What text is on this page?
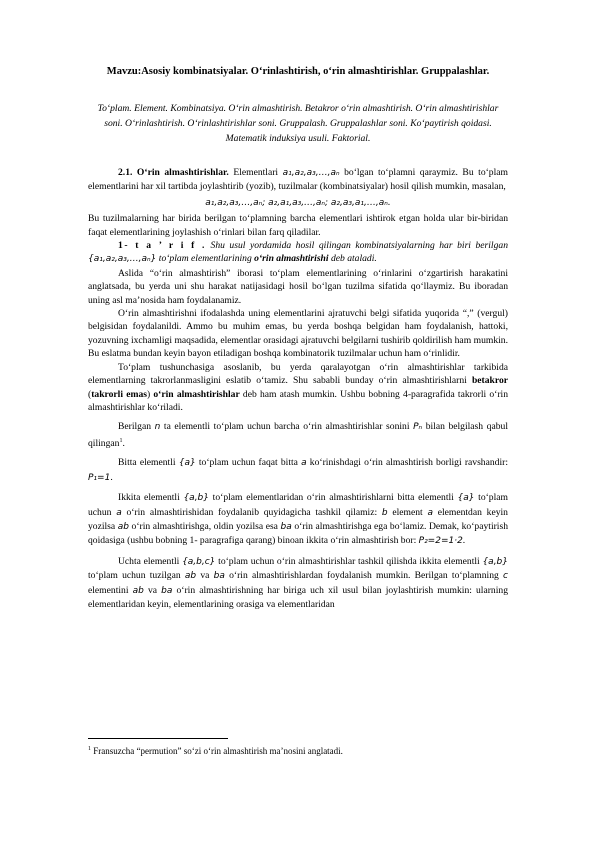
Mavzu:Asosiy kombinatsiyalar. O‘rinlashtirish, o‘rin almashtirishlar. Gruppalashlar.
To‘plam. Element. Kombinatsiya. O‘rin almashtirish. Betakror o‘rin almashtirish. O‘rin almashtirishlar soni. O‘rinlashtirish. O‘rinlashtirishlar soni. Gruppalash. Gruppalashlar soni. Ko‘paytirish qoidasi. Matematik induksiya usuli. Faktorial.

2.1. O‘rin almashtirishlar. Elementlari a₁,a₂,a₃,…,aₙ bo‘lgan to‘plamni qaraymiz. Bu to‘plam elementlarini har xil tartibda joylashtirib (yozib), tuzilmalar (kombinatsiyalar) hosil qilish mumkin, masalan,

a₁,a₂,a₃,…,aₙ; a₂,a₁,a₃,…,aₙ; a₂,a₃,a₁,…,aₙ.

Bu tuzilmalarning har birida berilgan to‘plamning barcha elementlari ishtirok etgan holda ular bir-biridan faqat elementlarining joylashish o‘rinlari bilan farq qiladilar.

1- t a ’ r i f . Shu usul yordamida hosil qilingan kombinatsiyalarning har biri berilgan {a₁,a₂,a₃,…,aₙ} to‘plam elementlarining o‘rin almashtirishi deb ataladi.

Aslida “o‘rin almashtirish” iborasi to‘plam elementlarining o‘rinlarini o‘zgartirish harakatini anglatsada, bu yerda uni shu harakat natijasidagi hosil bo‘lgan tuzilma sifatida qo‘llaymiz. Bu iboradan uning asl ma’nosida ham foydalanamiz.

O‘rin almashtirishni ifodalashda uning elementlarini ajratuvchi belgi sifatida yuqorida “,” (vergul) belgisidan foydalanildi. Ammo bu muhim emas, bu yerda boshqa belgidan ham foydalanish, hattoki, yozuvning ixchamligi maqsadida, elementlar orasidagi ajratuvchi belgilarni tushirib qoldirilish ham mumkin. Bu eslatma bundan keyin bayon etiladigan boshqa kombinatorik tuzilmalar uchun ham o‘rinlidir.

To‘plam tushunchasiga asoslanib, bu yerda qaralayotgan o‘rin almashtirishlar tarkibida elementlarning takrorlanmasligini eslatib o‘tamiz. Shu sababli bunday o‘rin almashtirishlarni betakror (takrorli emas) o‘rin almashtirishlar deb ham atash mumkin. Ushbu bobning 4-paragrafida takrorli o‘rin almashtirishlar ko‘riladi.

Berilgan n ta elementli to‘plam uchun barcha o‘rin almashtirishlar sonini Pₙ bilan belgilash qabul qilingan$^1$.

Bitta elementli {a} to‘plam uchun faqat bitta a ko‘rinishdagi o‘rin almashtirish borligi ravshandir: P₁=1.

Ikkita elementli {a,b} to‘plam elementlaridan o‘rin almashtirishlarni bitta elementli {a} to‘plam uchun a o‘rin almashtirishidan foydalanib quyidagicha tashkil qilamiz: b element a elementdan keyin yozilsa ab o‘rin almashtirishga, oldin yozilsa esa ba o‘rin almashtirishga ega bo‘lamiz. Demak, ko‘paytirish qoidasiga (ushbu bobning 1- paragrafiga qarang) binoan ikkita o‘rin almashtirish bor: P₂=2=1·2.

Uchta elementli {a,b,c} to‘plam uchun o‘rin almashtirishlar tashkil qilishda ikkita elementli {a,b} to‘plam uchun tuzilgan ab va ba o‘rin almashtirishlardan foydalanish mumkin. Berilgan to‘plamning c elementini ab va ba o‘rin almashtirishning har biriga uch xil usul bilan joylashtirish mumkin: ularning elementlaridan keyin, elementlarining orasiga va elementlaridan

$^1$ Fransuzcha “permution” so‘zi o‘rin almashtirish ma’nosini anglatadi.
